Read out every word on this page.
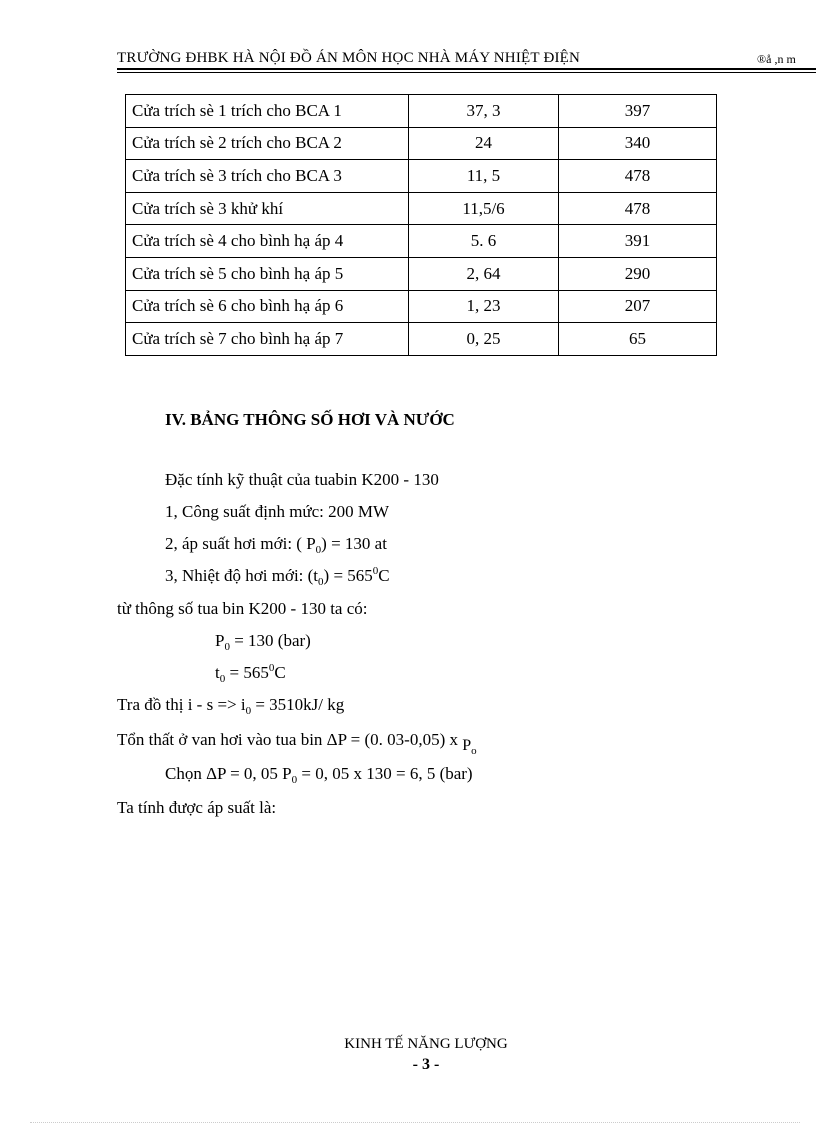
TRƯỜNG ĐHBK HÀ NỘI ĐỒ ÁN MÔN HỌC NHÀ MÁY NHIỆT ĐIỆN	®å ,n m
Cửa trích sè 1 trích cho BCA 1	37, 3	397
Cửa trích sè 2 trích cho BCA 2	24	340
Cửa trích sè 3 trích cho BCA 3	11, 5	478
Cửa trích sè 3 khử khí	11,5/6	478
Cửa trích sè 4 cho bình hạ áp 4	5. 6	391
Cửa trích sè 5 cho bình hạ áp 5	2, 64	290
Cửa trích sè 6 cho bình hạ áp 6	1, 23	207
Cửa trích sè 7 cho bình hạ áp 7	0, 25	65
IV. BẢNG THÔNG SỐ HƠI VÀ NƯỚC
Đặc tính kỹ thuật của tuabin K200 - 130
1, Công suất định mức: 200 MW
2, áp suất hơi mới: ( $P_0) = 130$ at
3, Nhiệt độ hơi mới: $(t_0) = 565^0C$
từ thông số tua bin K200 - 130 ta có:
$P_0 = 130$ (bar)
$t_0 = 565^0C$
Tra đồ thị $i - s => i_0 = 3510kJ/$ kg
Tổn thất ở van hơi vào tua bin ΔP = (0. 03-0,05) x $P_o$
Chọn ΔP = 0, 05 $P_0 = 0$, 05 x 130 = 6, 5 (bar)
Ta tính được áp suất là:
KINH TẾ NĂNG LƯỢNG
- 3 -
